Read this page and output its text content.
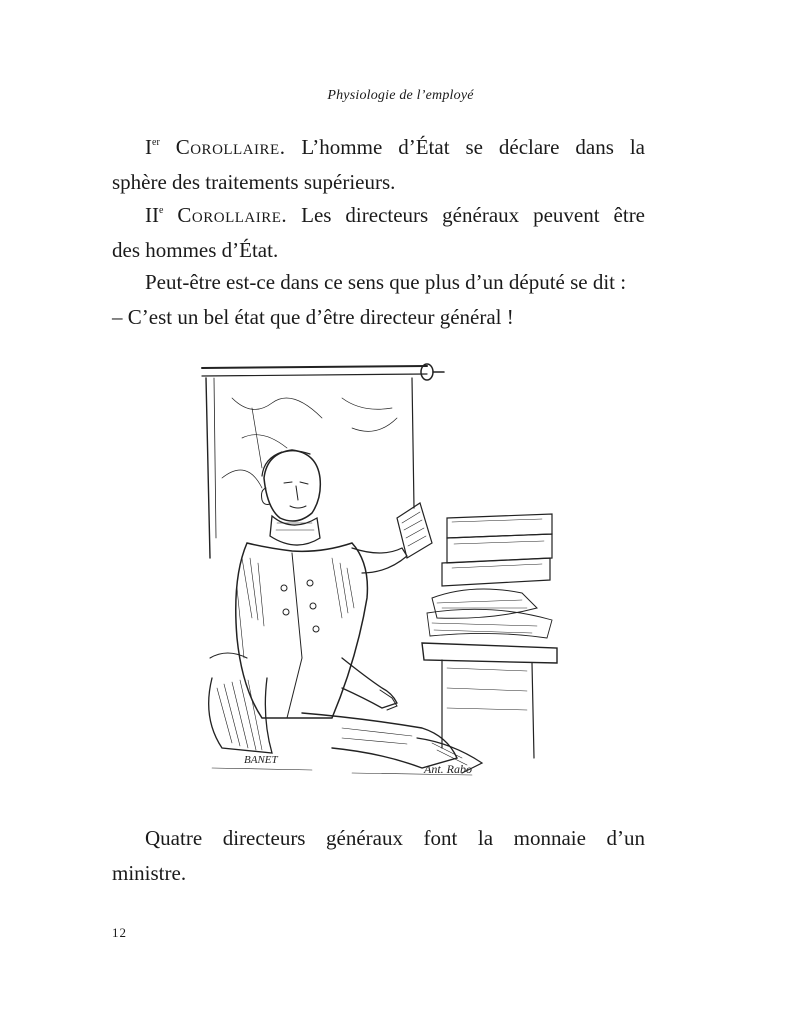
Physiologie de l’employé

Ier Corollaire. L’homme d’État se déclare dans la
sphère des traitements supérieurs.

IIe Corollaire. Les directeurs généraux peuvent être
des hommes d’État.

Peut-être est-ce dans ce sens que plus d’un député se dit :
– C’est un bel état que d’être directeur général !

BANET
Ant. Rabo

Quatre directeurs généraux font la monnaie d’un
ministre.

12
